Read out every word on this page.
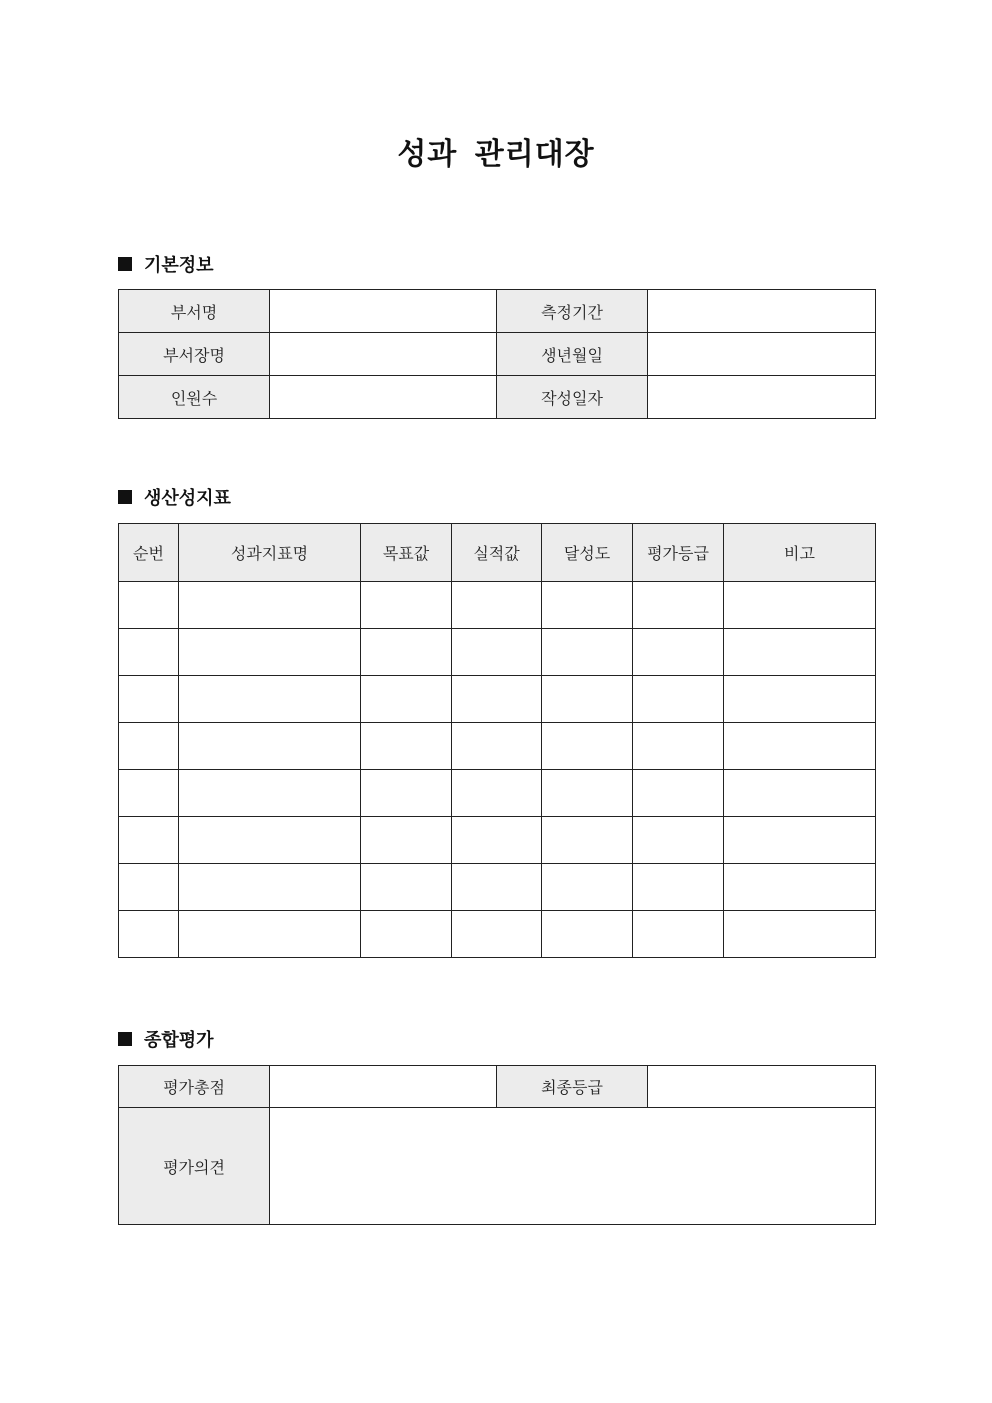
성과 관리대장
기본정보
부서명		측정기간	
부서장명		생년월일	
인원수		작성일자	
생산성지표
순번	성과지표명	목표값	실적값	달성도	평가등급	비고

종합평가
평가총점		최종등급	
평가의견			
